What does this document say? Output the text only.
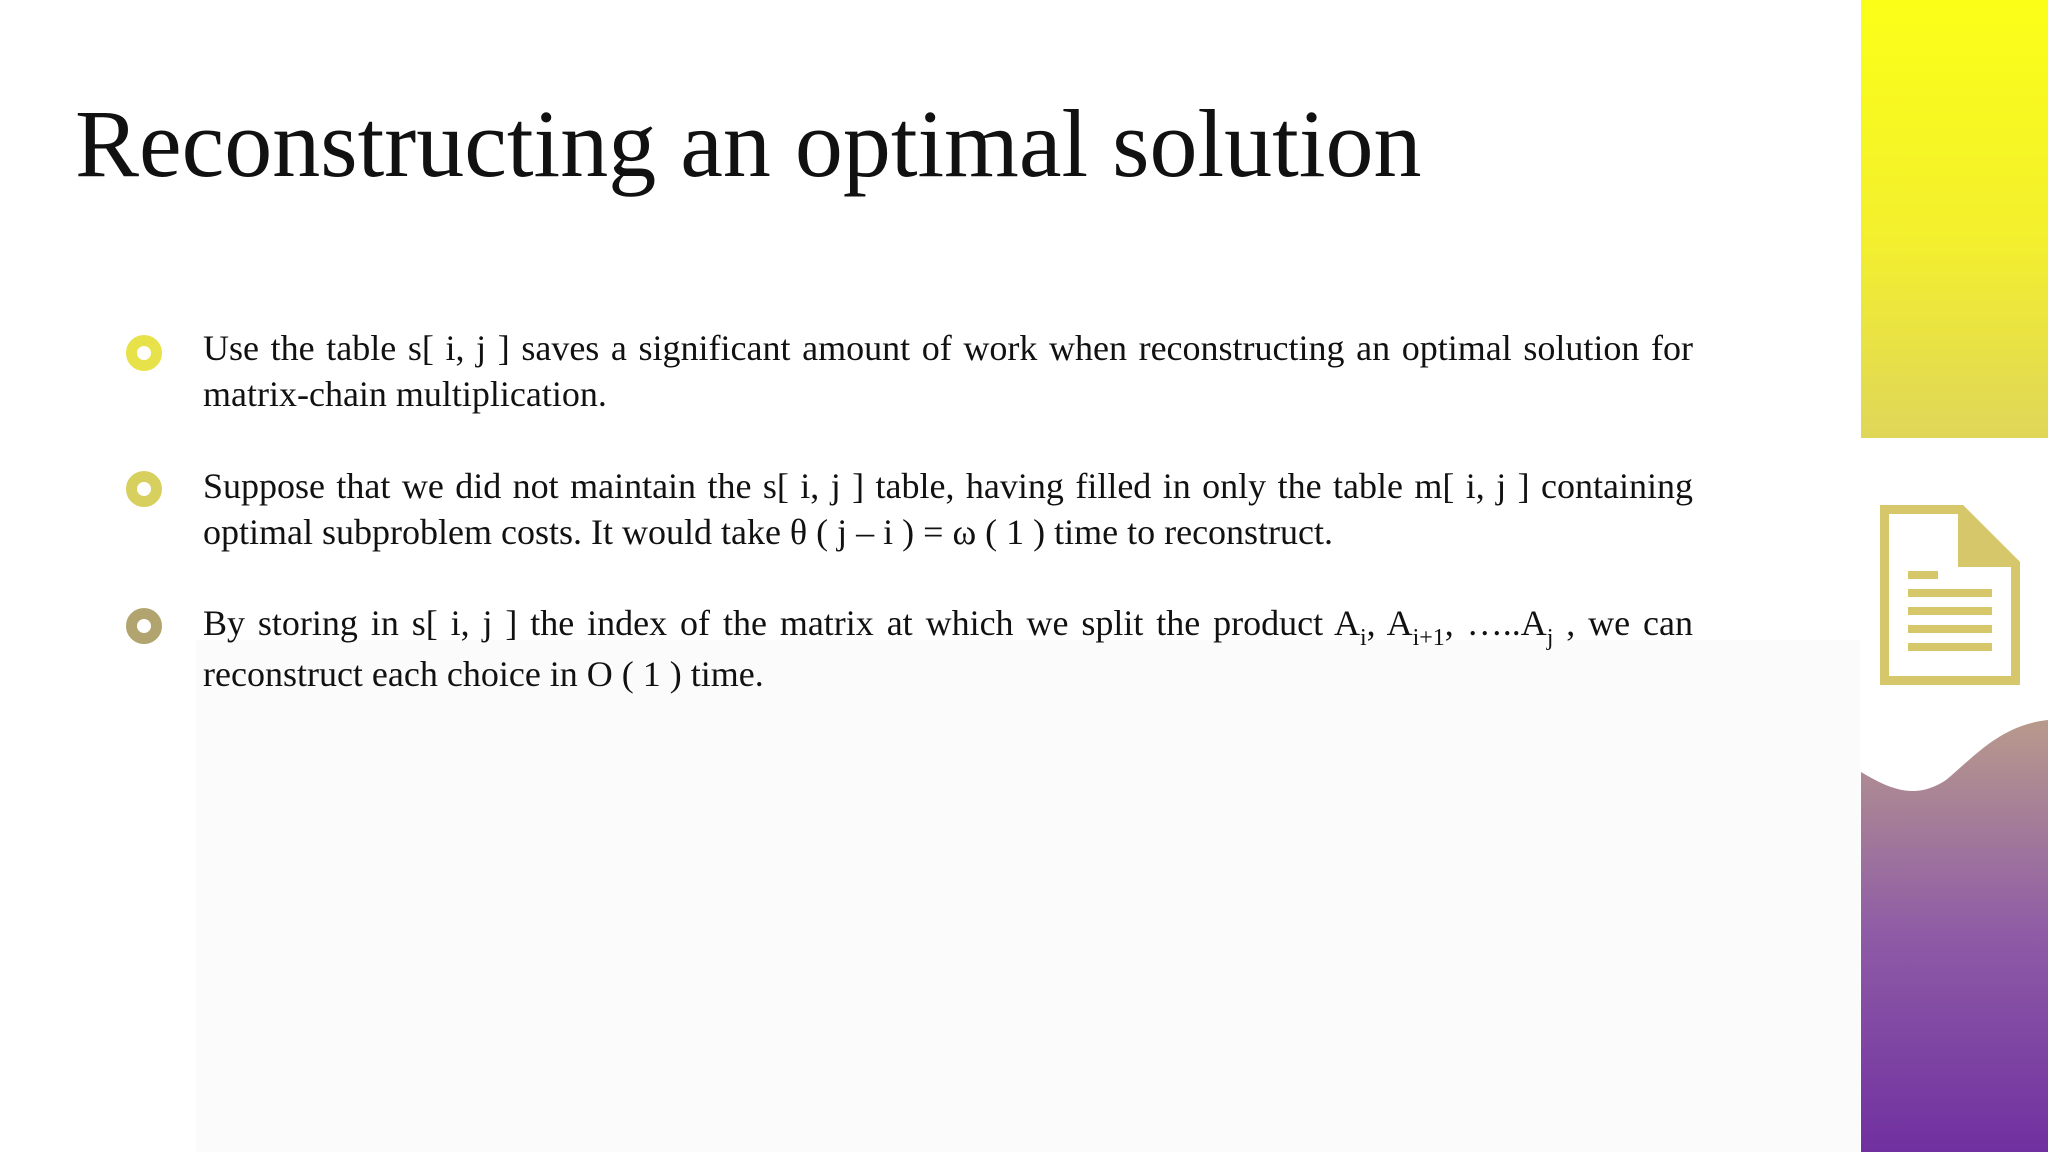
Reconstructing an optimal solution
Use the table s[ i, j ] saves a significant amount of work when reconstructing an optimal solution for matrix-chain multiplication.
Suppose that we did not maintain the s[ i, j ] table, having filled in only the table m[ i, j ] containing optimal subproblem costs. It would take θ ( j – i ) = ω ( 1 ) time to reconstruct.
By storing in s[ i, j ] the index of the matrix at which we split the product $A_i$, $A_{i+1}$, $\dots..A_j$ , we can reconstruct each choice in O ( 1 ) time.
